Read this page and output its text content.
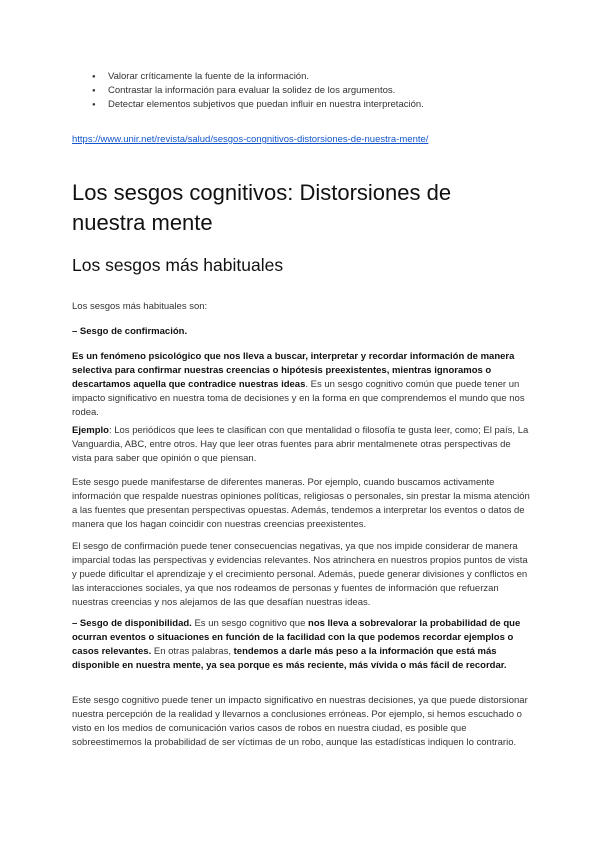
● Valorar críticamente la fuente de la información.
● Contrastar la información para evaluar la solidez de los argumentos.
● Detectar elementos subjetivos que puedan influir en nuestra interpretación.
https://www.unir.net/revista/salud/sesgos-congnitivos-distorsiones-de-nuestra-mente/
Los sesgos cognitivos: Distorsiones de nuestra mente
Los sesgos más habituales

Los sesgos más habituales son:

– Sesgo de confirmación.

Es un fenómeno psicológico que nos lleva a buscar, interpretar y recordar información de manera selectiva para confirmar nuestras creencias o hipótesis preexistentes, mientras ignoramos o descartamos aquella que contradice nuestras ideas. Es un sesgo cognitivo común que puede tener un impacto significativo en nuestra toma de decisiones y en la forma en que comprendemos el mundo que nos rodea.

Ejemplo: Los periódicos que lees te clasifican con que mentalidad o filosofía te gusta leer, como; El país, La Vanguardia, ABC, entre otros. Hay que leer otras fuentes para abrir mentalmenete otras perspectivas de vista para saber que opinión o que piensan.

Este sesgo puede manifestarse de diferentes maneras. Por ejemplo, cuando buscamos activamente información que respalde nuestras opiniones políticas, religiosas o personales, sin prestar la misma atención a las fuentes que presentan perspectivas opuestas. Además, tendemos a interpretar los eventos o datos de manera que los hagan coincidir con nuestras creencias preexistentes.

El sesgo de confirmación puede tener consecuencias negativas, ya que nos impide considerar de manera imparcial todas las perspectivas y evidencias relevantes. Nos atrinchera en nuestros propios puntos de vista y puede dificultar el aprendizaje y el crecimiento personal. Además, puede generar divisiones y conflictos en las interacciones sociales, ya que nos rodeamos de personas y fuentes de información que refuerzan nuestras creencias y nos alejamos de las que desafían nuestras ideas.

– Sesgo de disponibilidad. Es un sesgo cognitivo que nos lleva a sobrevalorar la probabilidad de que ocurran eventos o situaciones en función de la facilidad con la que podemos recordar ejemplos o casos relevantes. En otras palabras, tendemos a darle más peso a la información que está más disponible en nuestra mente, ya sea porque es más reciente, más vívida o más fácil de recordar.

Este sesgo cognitivo puede tener un impacto significativo en nuestras decisiones, ya que puede distorsionar nuestra percepción de la realidad y llevarnos a conclusiones erróneas. Por ejemplo, si hemos escuchado o visto en los medios de comunicación varios casos de robos en nuestra ciudad, es posible que sobreestimemos la probabilidad de ser víctimas de un robo, aunque las estadísticas indiquen lo contrario.
